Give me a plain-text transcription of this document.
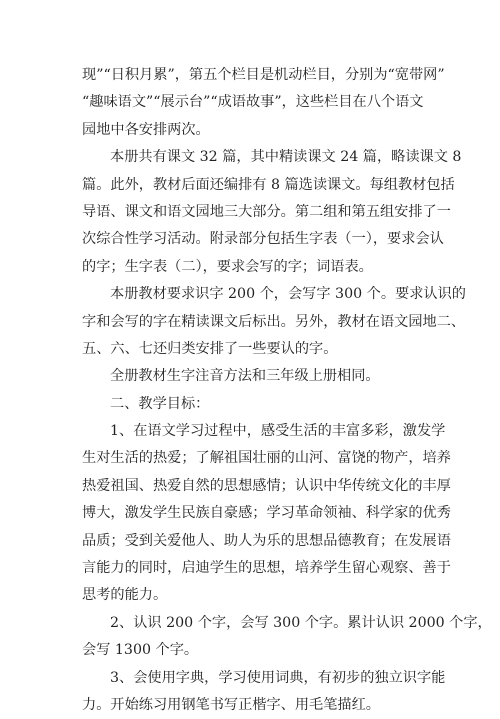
现”“日积月累”，第五个栏目是机动栏目，分别为“宽带网”
“趣味语文”“展示台”“成语故事”，这些栏目在八个语文
园地中各安排两次。
本册共有课文 32 篇，其中精读课文 24 篇，略读课文 8
篇。此外，教材后面还编排有 8 篇选读课文。每组教材包括
导语、课文和语文园地三大部分。第二组和第五组安排了一
次综合性学习活动。附录部分包括生字表（一），要求会认
的字；生字表（二），要求会写的字；词语表。
本册教材要求识字 200 个，会写字 300 个。要求认识的
字和会写的字在精读课文后标出。另外，教材在语文园地二、
五、六、七还归类安排了一些要认的字。
全册教材生字注音方法和三年级上册相同。
二、教学目标：
1、在语文学习过程中，感受生活的丰富多彩，激发学
生对生活的热爱；了解祖国壮丽的山河、富饶的物产，培养
热爱祖国、热爱自然的思想感情；认识中华传统文化的丰厚
博大，激发学生民族自豪感；学习革命领袖、科学家的优秀
品质；受到关爱他人、助人为乐的思想品德教育；在发展语
言能力的同时，启迪学生的思想，培养学生留心观察、善于
思考的能力。
2、认识 200 个字，会写 300 个字。累计认识 2000 个字，
会写 1300 个字。
3、会使用字典，学习使用词典，有初步的独立识字能
力。开始练习用钢笔书写正楷字、用毛笔描红。
